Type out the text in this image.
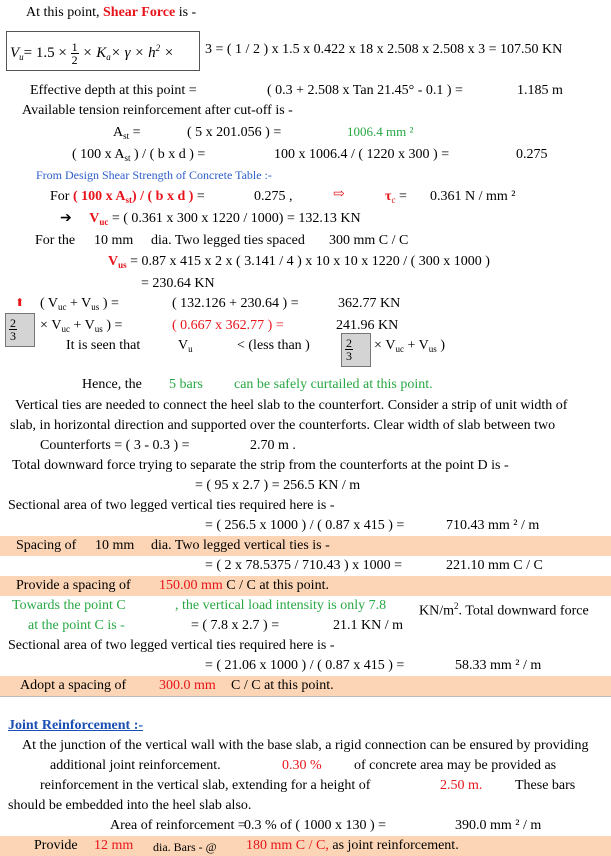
At this point, Shear Force is -
$V_u= 1.5 \times \frac{1}{2} \times K_a\times \gamma \times h^2 \times 3$ = ( 1 / 2 ) x 1.5 x 0.422 x 18 x 2.508 x 2.508 x 3 = 107.50 KN
Effective depth at this point =	( 0.3 + 2.508 x Tan 21.45° - 0.1 ) =	1.185 m
Available tension reinforcement after cut-off is -
$A_{st}$ =	( 5 x 201.056 ) =	1006.4 mm ²
( 100 x $A_{st}$ ) / ( b x d ) =	100 x 1006.4 / ( 1220 x 300 ) =	0.275
From Design Shear Strength of Concrete Table :-
For ( 100 x $A_{st}$) / ( b x d ) =	0.275 ,	⇨	$\tau_c = 0.361$ N / mm ²
➔ $V_{uc}$ = ( 0.361 x 300 x 1220 / 1000) = 132.13 KN
For the 10 mm dia. Two legged ties spaced 300 mm C / C
$V_{us} = 0.87$ x 415 x 2 x ( 3.141 / 4 ) x 10 x 10 x 1220 / ( 300 x 1000 )
= 230.64 KN
⬆ ( $V_{uc} + V_{us}$ ) =	( 132.126 + 230.64 ) =	362.77 KN
$\frac{2}{3} \times V_{uc} + V_{us}$ ) =	( 0.667 x 362.77 ) =	241.96 KN
It is seen that	$V_u$	< (less than )	$\frac{2}{3} \times V_{uc} + V_{us}$ )
Hence, the 5 bars can be safely curtailed at this point.
Vertical ties are needed to connect the heel slab to the counterfort. Consider a strip of unit width of
slab, in horizontal direction and supported over the counterforts. Clear width of slab between two
Counterforts = ( 3 - 0.3 ) =	2.70 m .
Total downward force trying to separate the strip from the counterforts at the point D is -
= ( 95 x 2.7 ) = 256.5 KN / m
Sectional area of two legged vertical ties required here is -
= ( 256.5 x 1000 ) / ( 0.87 x 415 ) =	710.43 mm ² / m
Spacing of 10 mm dia. Two legged vertical ties is -
= ( 2 x 78.5375 / 710.43 ) x 1000 =	221.10 mm C / C
Provide a spacing of 150.00 mm C / C at this point.
Towards the point C	, the vertical load intensity is only 7.8 $KN/m^2$. Total downward force
at the point C is -	= ( 7.8 x 2.7 ) =	21.1 KN / m
Sectional area of two legged vertical ties required here is -
= ( 21.06 x 1000 ) / ( 0.87 x 415 ) =	58.33 mm ² / m
Adopt a spacing of 300.0 mm C / C at this point.
Joint Reinforcement :-
At the junction of the vertical wall with the base slab, a rigid connection can be ensured by providing
additional joint reinforcement.	0.30 % of concrete area may be provided as
reinforcement in the vertical slab, extending for a height of	2.50 m. These bars
should be embedded into the heel slab also.
Area of reinforcement =
0.3 % of ( 1000 x 130 ) =	390.0 mm ² / m
Provide 12 mm dia. Bars - @ 180 mm C / C, as joint reinforcement.
